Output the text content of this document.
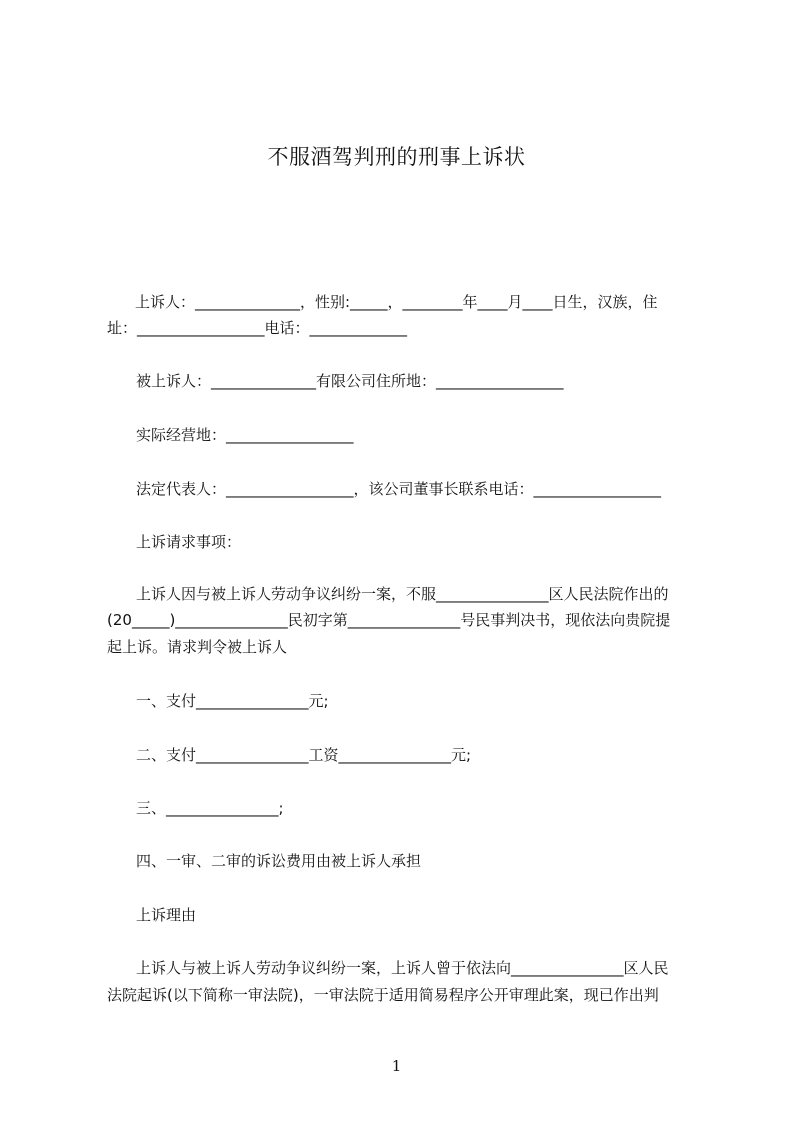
不服酒驾判刑的刑事上诉状
上诉人：______________，性别:_____，________年____月____日生，汉族，住
址：_________________电话：_____________
被上诉人：______________有限公司住所地：_________________
实际经营地：_________________
法定代表人：_________________，该公司董事长联系电话：_________________
上诉请求事项：
上诉人因与被上诉人劳动争议纠纷一案，不服_______________区人民法院作出的
(20_____)_______________民初字第_______________号民事判决书，现依法向贵院提
起上诉。请求判令被上诉人
一、支付_______________元;
二、支付_______________工资_______________元;
三、_______________;
四、一审、二审的诉讼费用由被上诉人承担
上诉理由
上诉人与被上诉人劳动争议纠纷一案，上诉人曾于依法向_______________区人民
法院起诉(以下简称一审法院)，一审法院于适用简易程序公开审理此案，现已作出判
1
